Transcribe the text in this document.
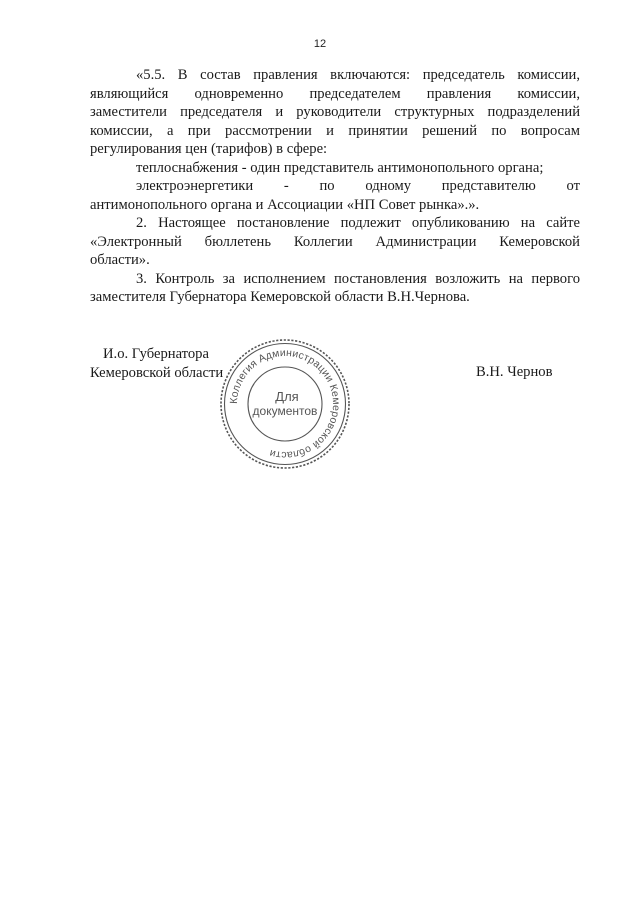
12

«5.5. В состав правления включаются: председатель комиссии,

являющийся одновременно председателем правления комиссии,

заместители председателя и руководители структурных подразделений

комиссии, а при рассмотрении и принятии решений по вопросам

регулирования цен (тарифов) в сфере:

теплоснабжения - один представитель антимонопольного органа;

электроэнергетики - по одному представителю от

антимонопольного органа и Ассоциации «НП Совет рынка».».

2. Настоящее постановление подлежит опубликованию на сайте

«Электронный бюллетень Коллегии Администрации Кемеровской

области».

3. Контроль за исполнением постановления возложить на первого

заместителя Губернатора Кемеровской области В.Н.Чернова.

И.о. Губернатора
Кемеровской области
Коллегия Администрации Кемеровской области
Для
документов
В.Н. Чернов
